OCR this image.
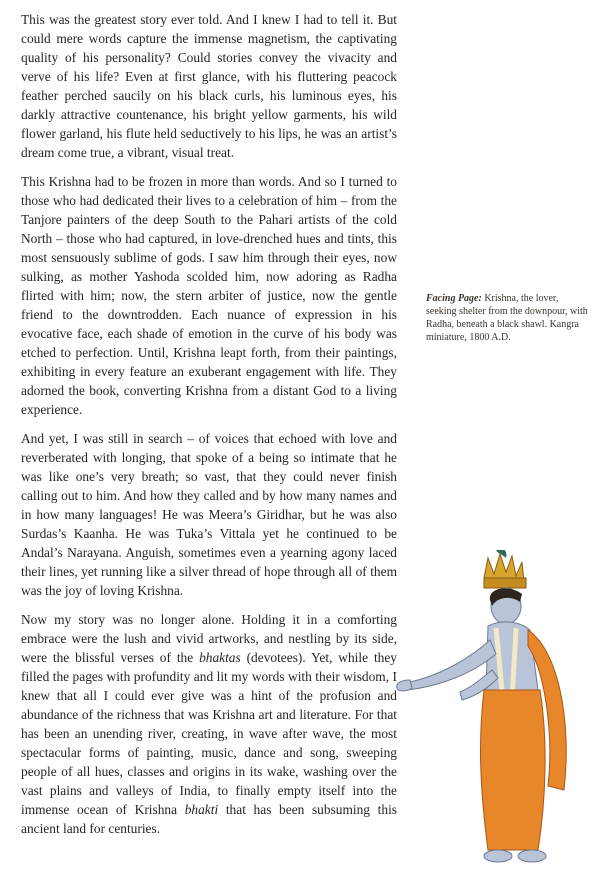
This was the greatest story ever told. And I knew I had to tell it. But could mere words capture the immense magnetism, the captivating quality of his personality? Could stories convey the vivacity and verve of his life? Even at first glance, with his fluttering peacock feather perched saucily on his black curls, his luminous eyes, his darkly attractive countenance, his bright yellow garments, his wild flower garland, his flute held seductively to his lips, he was an artist’s dream come true, a vibrant, visual treat.

This Krishna had to be frozen in more than words. And so I turned to those who had dedicated their lives to a celebration of him – from the Tanjore painters of the deep South to the Pahari artists of the cold North – those who had captured, in love-drenched hues and tints, this most sensuously sublime of gods. I saw him through their eyes, now sulking, as mother Yashoda scolded him, now adoring as Radha flirted with him; now, the stern arbiter of justice, now the gentle friend to the downtrodden. Each nuance of expression in his evocative face, each shade of emotion in the curve of his body was etched to perfection. Until, Krishna leapt forth, from their paintings, exhibiting in every feature an exuberant engagement with life. They adorned the book, converting Krishna from a distant God to a living experience.

And yet, I was still in search – of voices that echoed with love and reverberated with longing, that spoke of a being so intimate that he was like one’s very breath; so vast, that they could never finish calling out to him. And how they called and by how many names and in how many languages! He was Meera’s Giridhar, but he was also Surdas’s Kaanha. He was Tuka’s Vittala yet he continued to be Andal’s Narayana. Anguish, sometimes even a yearning agony laced their lines, yet running like a silver thread of hope through all of them was the joy of loving Krishna.

Now my story was no longer alone. Holding it in a comforting embrace were the lush and vivid artworks, and nestling by its side, were the blissful verses of the bhaktas (devotees). Yet, while they filled the pages with profundity and lit my words with their wisdom, I knew that all I could ever give was a hint of the profusion and abundance of the richness that was Krishna art and literature. For that has been an unending river, creating, in wave after wave, the most spectacular forms of painting, music, dance and song, sweeping people of all hues, classes and origins in its wake, washing over the vast plains and valleys of India, to finally empty itself into the immense ocean of Krishna bhakti that has been subsuming this ancient land for centuries.

Facing Page: Krishna, the lover, seeking shelter from the downpour, with Radha, beneath a black shawl. Kangra miniature, 1800 A.D.
